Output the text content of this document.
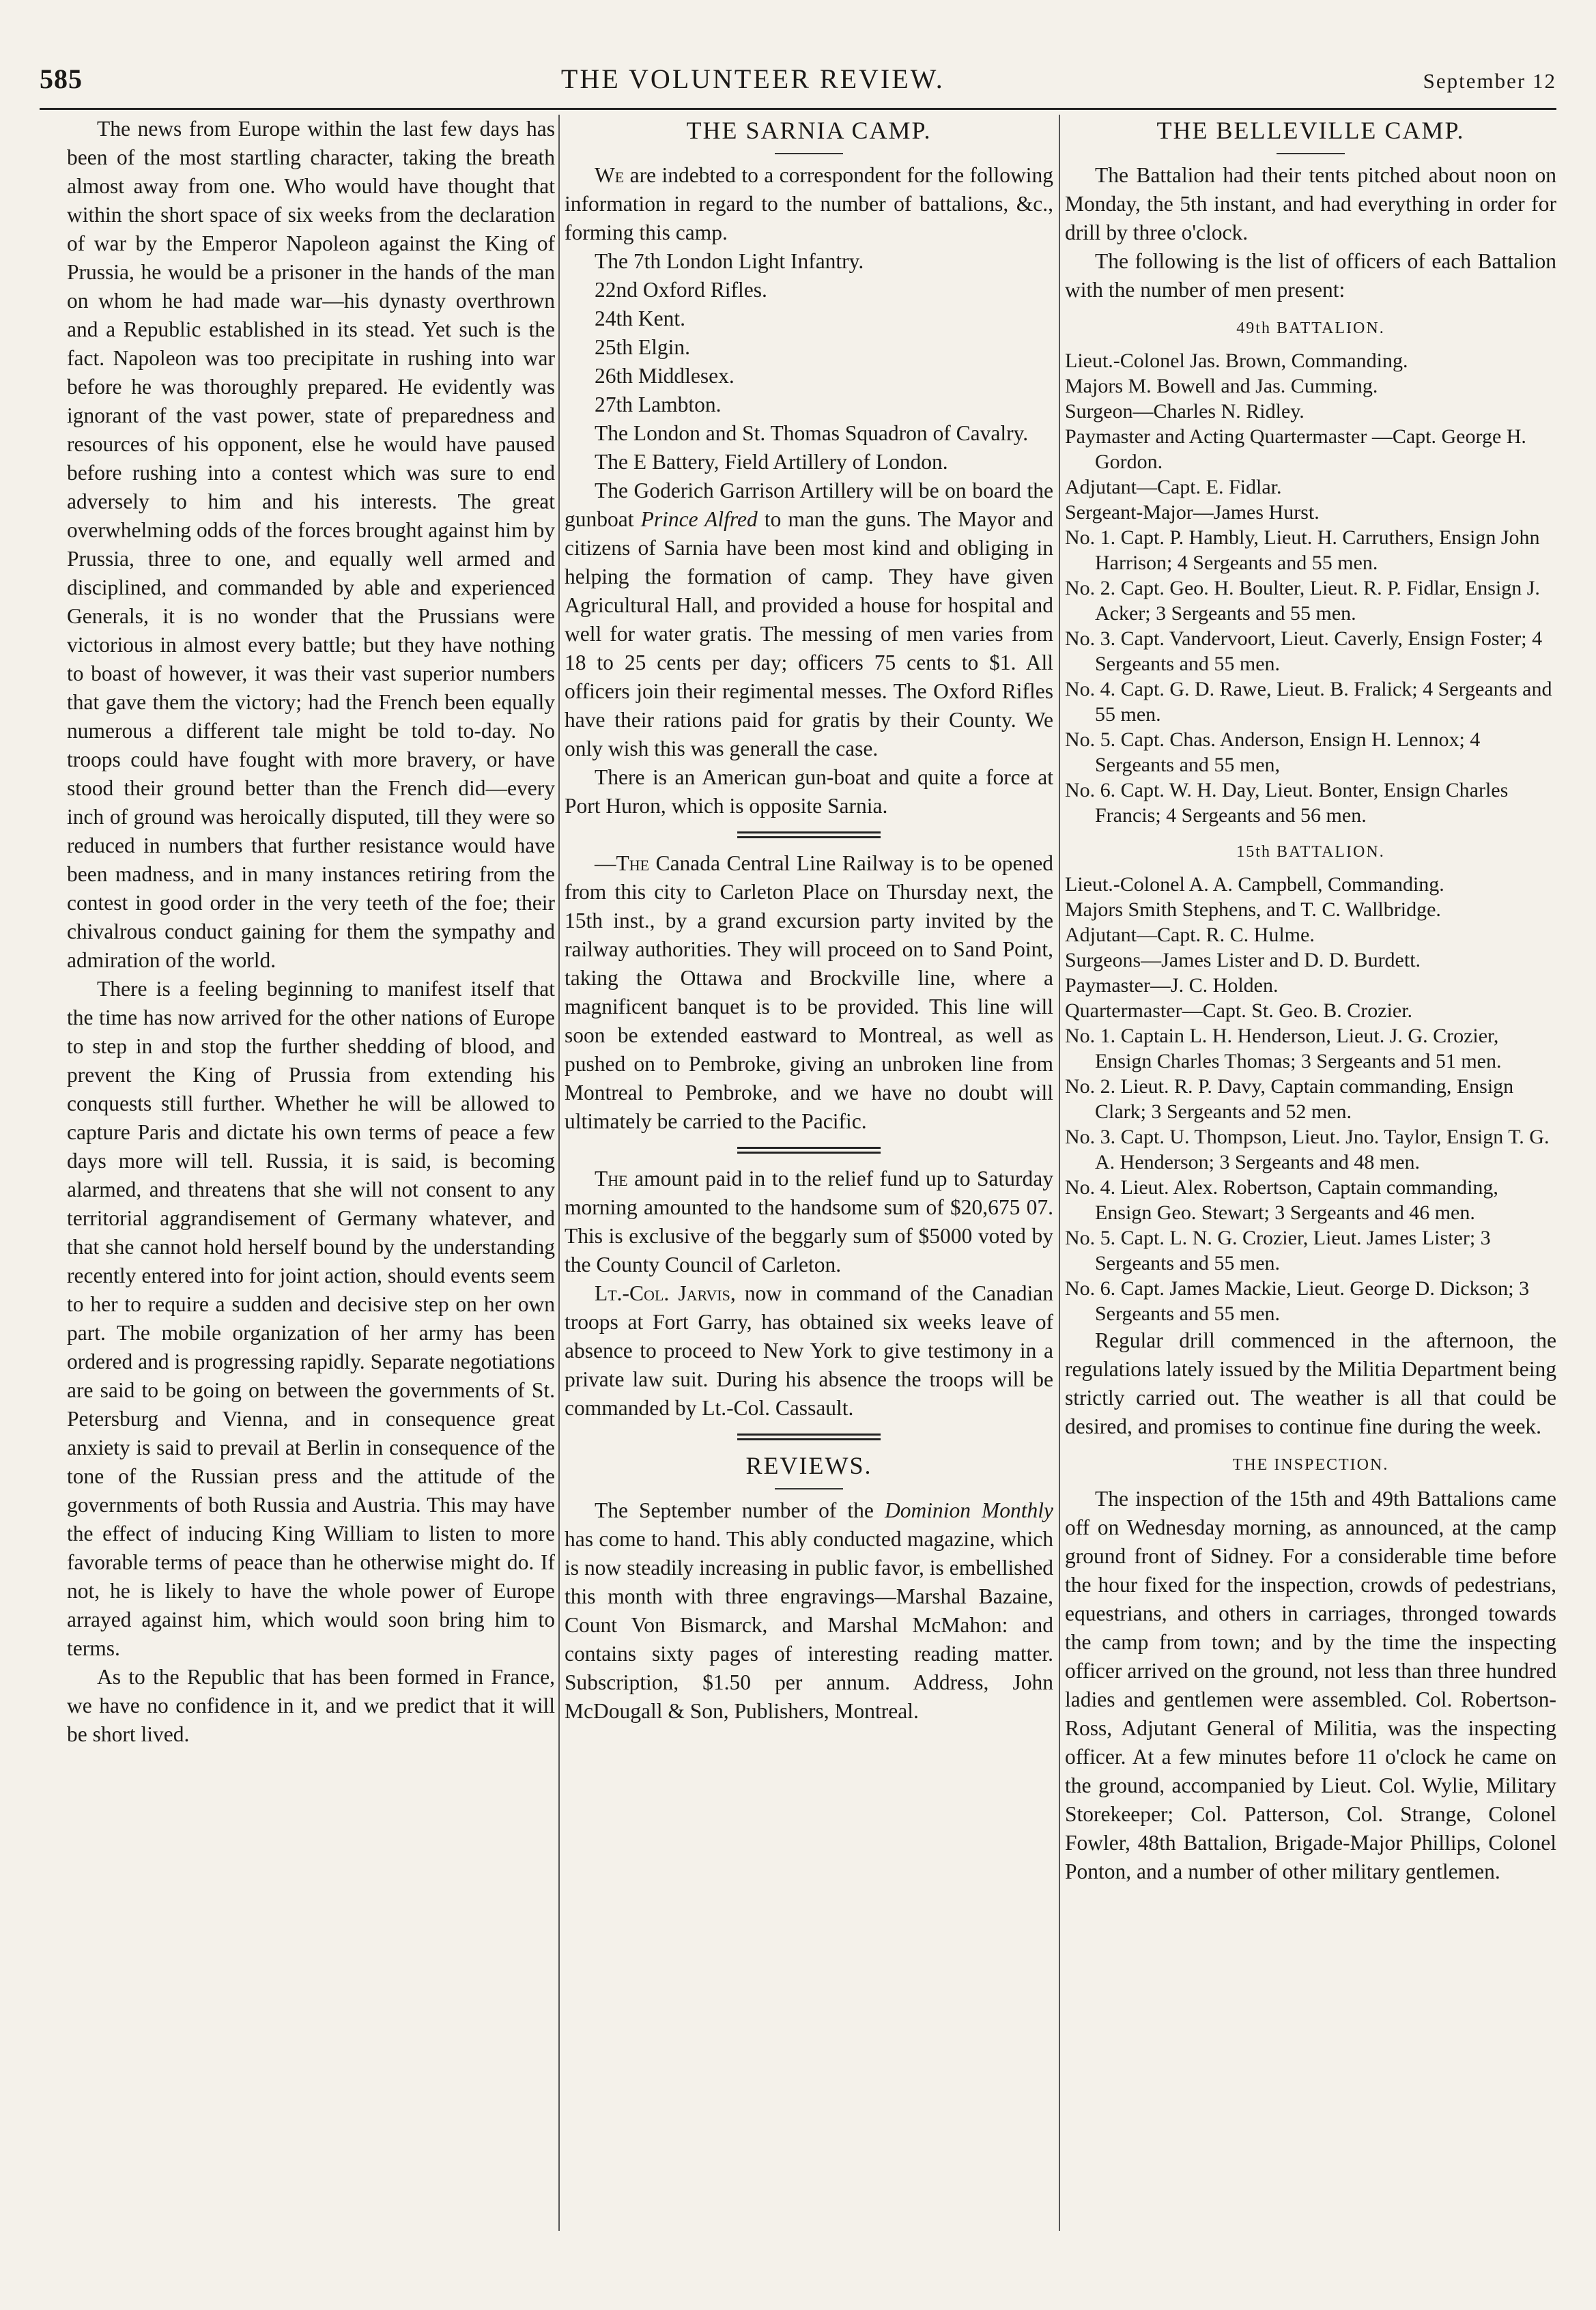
585	THE VOLUNTEER REVIEW.	September 12

The news from Europe within the last few days has been of the most startling character, taking the breath almost away from one. Who would have thought that within the short space of six weeks from the declaration of war by the Emperor Napoleon against the King of Prussia, he would be a prisoner in the hands of the man on whom he had made war—his dynasty overthrown and a Republic established in its stead. Yet such is the fact. Napoleon was too precipitate in rushing into war before he was thoroughly prepared. He evidently was ignorant of the vast power, state of preparedness and resources of his opponent, else he would have paused before rushing into a contest which was sure to end adversely to him and his interests. The great overwhelming odds of the forces brought against him by Prussia, three to one, and equally well armed and disciplined, and commanded by able and experienced Generals, it is no wonder that the Prussians were victorious in almost every battle; but they have nothing to boast of however, it was their vast superior numbers that gave them the victory; had the French been equally numerous a different tale might be told to-day. No troops could have fought with more bravery, or have stood their ground better than the French did—every inch of ground was heroically disputed, till they were so reduced in numbers that further resistance would have been madness, and in many instances retiring from the contest in good order in the very teeth of the foe; their chivalrous conduct gaining for them the sympathy and admiration of the world.

There is a feeling beginning to manifest itself that the time has now arrived for the other nations of Europe to step in and stop the further shedding of blood, and prevent the King of Prussia from extending his conquests still further. Whether he will be allowed to capture Paris and dictate his own terms of peace a few days more will tell. Russia, it is said, is becoming alarmed, and threatens that she will not consent to any territorial aggrandisement of Germany whatever, and that she cannot hold herself bound by the understanding recently entered into for joint action, should events seem to her to require a sudden and decisive step on her own part. The mobile organization of her army has been ordered and is progressing rapidly. Separate negotiations are said to be going on between the governments of St. Petersburg and Vienna, and in consequence great anxiety is said to prevail at Berlin in consequence of the tone of the Russian press and the attitude of the governments of both Russia and Austria. This may have the effect of inducing King William to listen to more favorable terms of peace than he otherwise might do. If not, he is likely to have the whole power of Europe arrayed against him, which would soon bring him to terms.

As to the Republic that has been formed in France, we have no confidence in it, and we predict that it will be short lived.

THE SARNIA CAMP.

We are indebted to a correspondent for the following information in regard to the number of battalions, &c., forming this camp.

The 7th London Light Infantry.

22nd Oxford Rifles.

24th Kent.

25th Elgin.

26th Middlesex.

27th Lambton.

The London and St. Thomas Squadron of Cavalry.

The E Battery, Field Artillery of London.

The Goderich Garrison Artillery will be on board the gunboat Prince Alfred to man the guns. The Mayor and citizens of Sarnia have been most kind and obliging in helping the formation of camp. They have given Agricultural Hall, and provided a house for hospital and well for water gratis. The messing of men varies from 18 to 25 cents per day; officers 75 cents to $1. All officers join their regimental messes. The Oxford Rifles have their rations paid for gratis by their County. We only wish this was generall the case.

There is an American gun-boat and quite a force at Port Huron, which is opposite Sarnia.

—The Canada Central Line Railway is to be opened from this city to Carleton Place on Thursday next, the 15th inst., by a grand excursion party invited by the railway authorities. They will proceed on to Sand Point, taking the Ottawa and Brockville line, where a magnificent banquet is to be provided. This line will soon be extended eastward to Montreal, as well as pushed on to Pembroke, giving an unbroken line from Montreal to Pembroke, and we have no doubt will ultimately be carried to the Pacific.

The amount paid in to the relief fund up to Saturday morning amounted to the handsome sum of $20,675 07. This is exclusive of the beggarly sum of $5000 voted by the County Council of Carleton.

Lt.-Col. Jarvis, now in command of the Canadian troops at Fort Garry, has obtained six weeks leave of absence to proceed to New York to give testimony in a private law suit. During his absence the troops will be commanded by Lt.-Col. Cassault.

REVIEWS.

The September number of the Dominion Monthly has come to hand. This ably conducted magazine, which is now steadily increasing in public favor, is embellished this month with three engravings—Marshal Bazaine, Count Von Bismarck, and Marshal McMahon: and contains sixty pages of interesting reading matter. Subscription, $1.50 per annum. Address, John McDougall & Son, Publishers, Montreal.

THE BELLEVILLE CAMP.

The Battalion had their tents pitched about noon on Monday, the 5th instant, and had everything in order for drill by three o'clock.

The following is the list of officers of each Battalion with the number of men present:

49th BATTALION.

Lieut.-Colonel Jas. Brown, Commanding.

Majors M. Bowell and Jas. Cumming.

Surgeon—Charles N. Ridley.

Paymaster and Acting Quartermaster —Capt. George H. Gordon.

Adjutant—Capt. E. Fidlar.

Sergeant-Major—James Hurst.

No. 1. Capt. P. Hambly, Lieut. H. Carruthers, Ensign John Harrison; 4 Sergeants and 55 men.

No. 2. Capt. Geo. H. Boulter, Lieut. R. P. Fidlar, Ensign J. Acker; 3 Sergeants and 55 men.

No. 3. Capt. Vandervoort, Lieut. Caverly, Ensign Foster; 4 Sergeants and 55 men.

No. 4. Capt. G. D. Rawe, Lieut. B. Fralick; 4 Sergeants and 55 men.

No. 5. Capt. Chas. Anderson, Ensign H. Lennox; 4 Sergeants and 55 men,

No. 6. Capt. W. H. Day, Lieut. Bonter, Ensign Charles Francis; 4 Sergeants and 56 men.

15th BATTALION.

Lieut.-Colonel A. A. Campbell, Commanding.

Majors Smith Stephens, and T. C. Wallbridge.

Adjutant—Capt. R. C. Hulme.

Surgeons—James Lister and D. D. Burdett.

Paymaster—J. C. Holden.

Quartermaster—Capt. St. Geo. B. Crozier.

No. 1. Captain L. H. Henderson, Lieut. J. G. Crozier, Ensign Charles Thomas; 3 Sergeants and 51 men.

No. 2. Lieut. R. P. Davy, Captain commanding, Ensign Clark; 3 Sergeants and 52 men.

No. 3. Capt. U. Thompson, Lieut. Jno. Taylor, Ensign T. G. A. Henderson; 3 Sergeants and 48 men.

No. 4. Lieut. Alex. Robertson, Captain commanding, Ensign Geo. Stewart; 3 Sergeants and 46 men.

No. 5. Capt. L. N. G. Crozier, Lieut. James Lister; 3 Sergeants and 55 men.

No. 6. Capt. James Mackie, Lieut. George D. Dickson; 3 Sergeants and 55 men.

Regular drill commenced in the afternoon, the regulations lately issued by the Militia Department being strictly carried out. The weather is all that could be desired, and promises to continue fine during the week.

THE INSPECTION.

The inspection of the 15th and 49th Battalions came off on Wednesday morning, as announced, at the camp ground front of Sidney. For a considerable time before the hour fixed for the inspection, crowds of pedestrians, equestrians, and others in carriages, thronged towards the camp from town; and by the time the inspecting officer arrived on the ground, not less than three hundred ladies and gentlemen were assembled. Col. Robertson-Ross, Adjutant General of Militia, was the inspecting officer. At a few minutes before 11 o'clock he came on the ground, accompanied by Lieut. Col. Wylie, Military Storekeeper; Col. Patterson, Col. Strange, Colonel Fowler, 48th Battalion, Brigade-Major Phillips, Colonel Ponton, and a number of other military gentlemen.
